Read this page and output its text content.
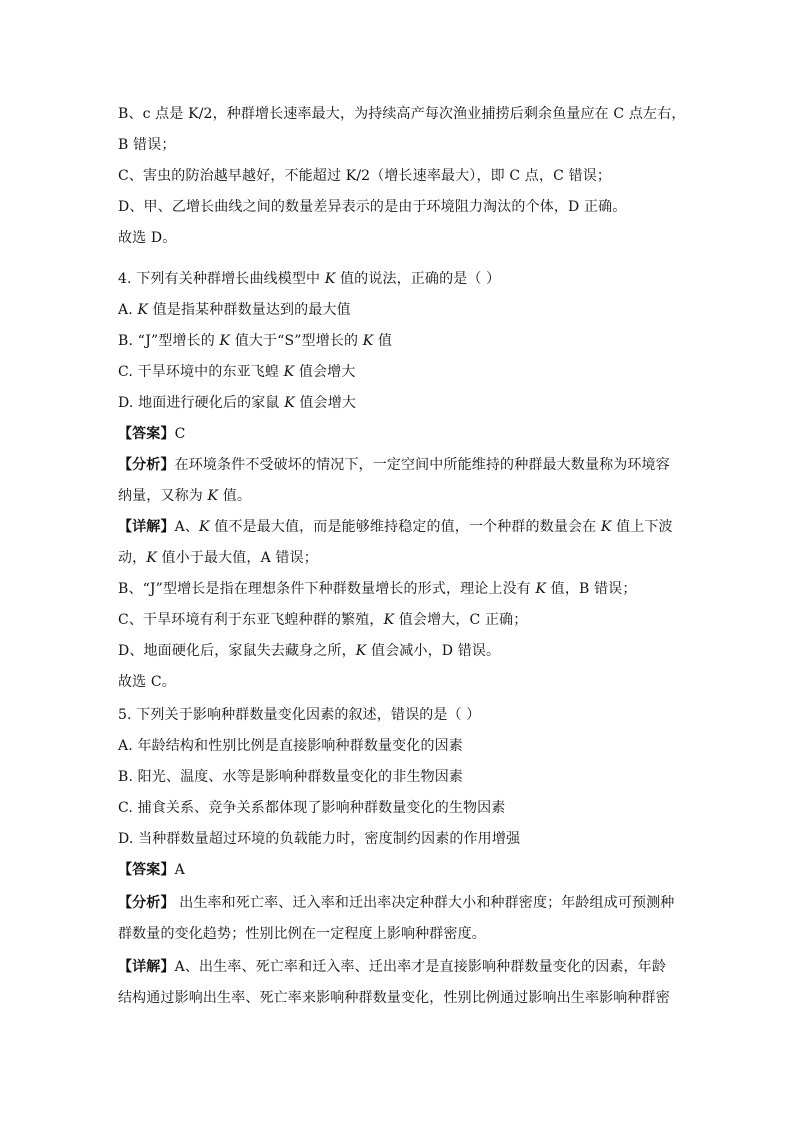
B、c 点是 K/2，种群增长速率最大，为持续高产每次渔业捕捞后剩余鱼量应在 C 点左右，
B 错误；
C、害虫的防治越早越好，不能超过 K/2（增长速率最大），即 C 点，C 错误；
D、甲、乙增长曲线之间的数量差异表示的是由于环境阻力淘汰的个体，D 正确。
故选 D。
4. 下列有关种群增长曲线模型中 K 值的说法，正确的是（ ）
A. K 值是指某种群数量达到的最大值
B. “J”型增长的 K 值大于“S”型增长的 K 值
C. 干旱环境中的东亚飞蝗 K 值会增大
D. 地面进行硬化后的家鼠 K 值会增大
【答案】C
【分析】在环境条件不受破坏的情况下，一定空间中所能维持的种群最大数量称为环境容
纳量，又称为 K 值。
【详解】A、K 值不是最大值，而是能够维持稳定的值，一个种群的数量会在 K 值上下波
动，K 值小于最大值，A 错误；
B、“J”型增长是指在理想条件下种群数量增长的形式，理论上没有 K 值，B 错误；
C、干旱环境有利于东亚飞蝗种群的繁殖，K 值会增大，C 正确；
D、地面硬化后，家鼠失去藏身之所，K 值会减小，D 错误。
故选 C。
5. 下列关于影响种群数量变化因素的叙述，错误的是（ ）
A. 年龄结构和性别比例是直接影响种群数量变化的因素
B. 阳光、温度、水等是影响种群数量变化的非生物因素
C. 捕食关系、竞争关系都体现了影响种群数量变化的生物因素
D. 当种群数量超过环境的负载能力时，密度制约因素的作用增强
【答案】A
【分析】 出生率和死亡率、迁入率和迁出率决定种群大小和种群密度；年龄组成可预测种
群数量的变化趋势；性别比例在一定程度上影响种群密度。
【详解】A、出生率、死亡率和迁入率、迁出率才是直接影响种群数量变化的因素，年龄
结构通过影响出生率、死亡率来影响种群数量变化，性别比例通过影响出生率影响种群密
